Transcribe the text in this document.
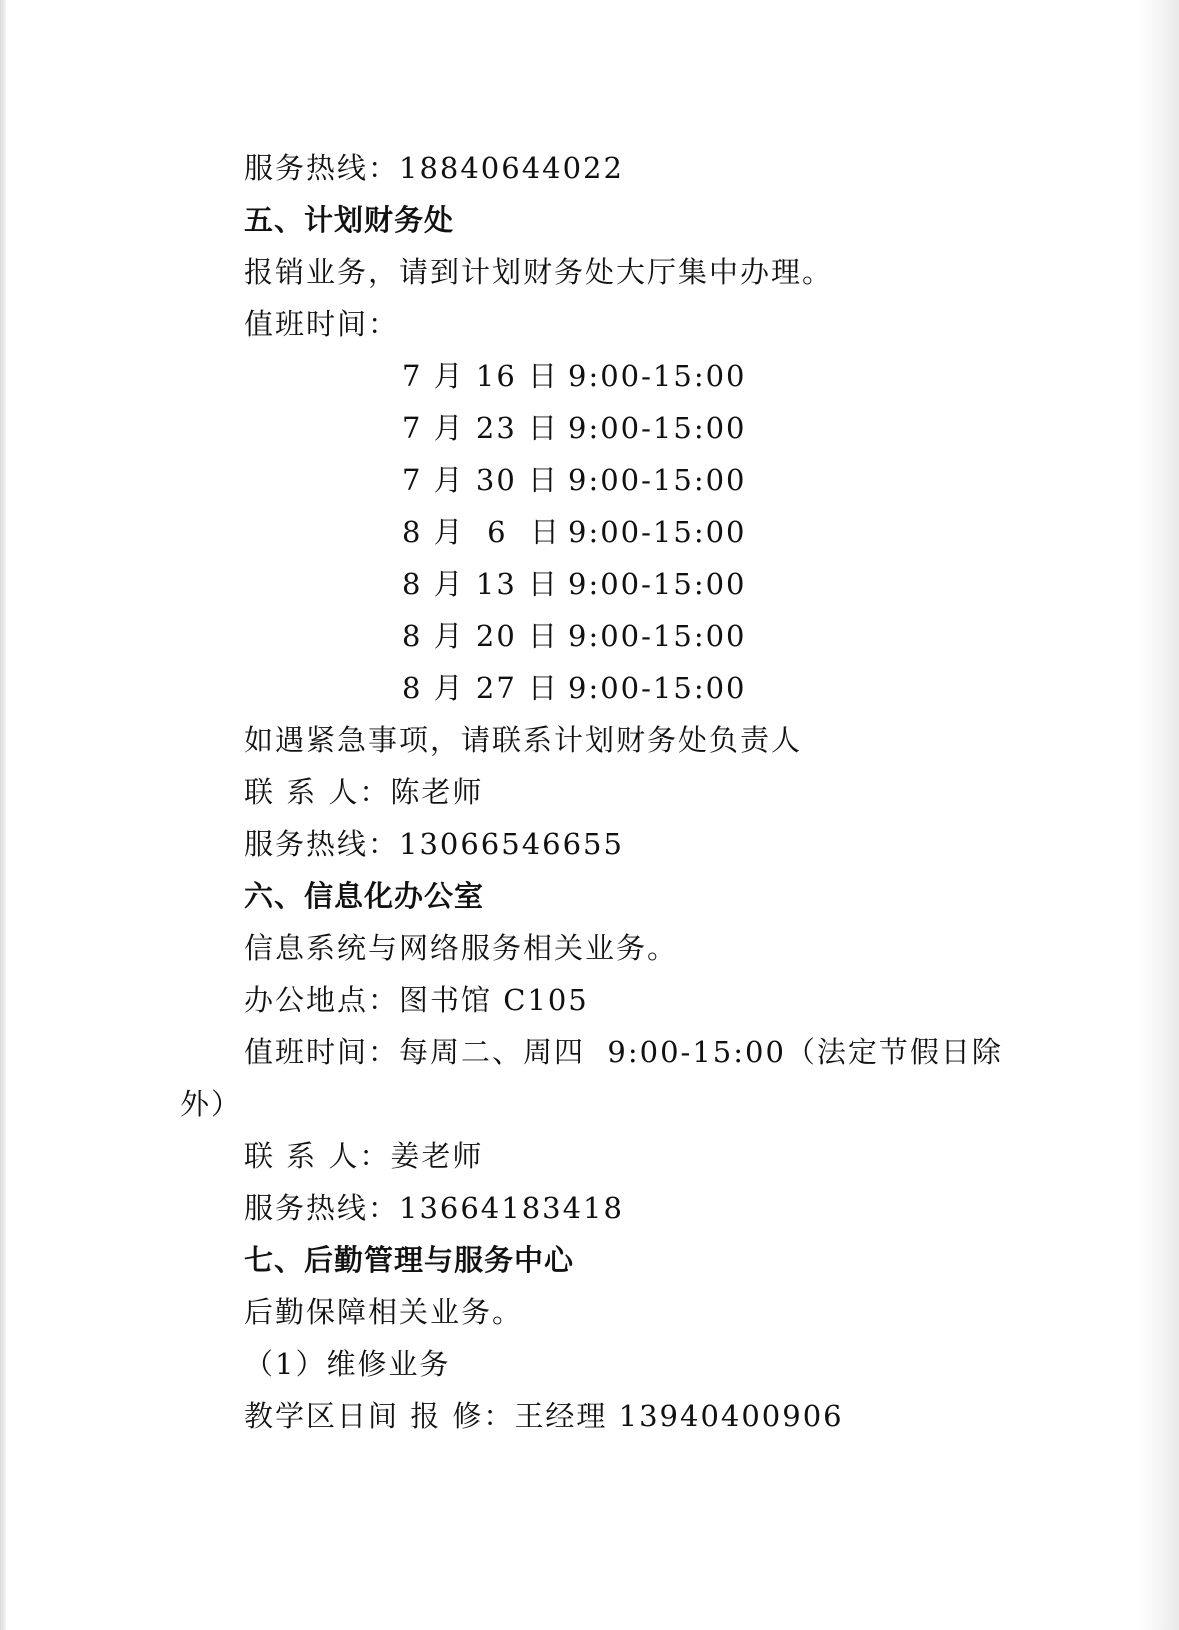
服务热线：18840644022
五、计划财务处
报销业务，请到计划财务处大厅集中办理。
值班时间：
7 月 16 日 9:00-15:00
7 月 23 日 9:00-15:00
7 月 30 日 9:00-15:00
8 月  6  日 9:00-15:00
8 月 13 日 9:00-15:00
8 月 20 日 9:00-15:00
8 月 27 日 9:00-15:00
如遇紧急事项，请联系计划财务处负责人
联 系 人：陈老师
服务热线：13066546655
六、信息化办公室
信息系统与网络服务相关业务。
办公地点：图书馆 C105
值班时间：每周二、周四  9:00-15:00（法定节假日除
外）
联 系 人：姜老师
服务热线：13664183418
七、后勤管理与服务中心
后勤保障相关业务。
（1）维修业务
教学区日间 报 修：王经理 13940400906
